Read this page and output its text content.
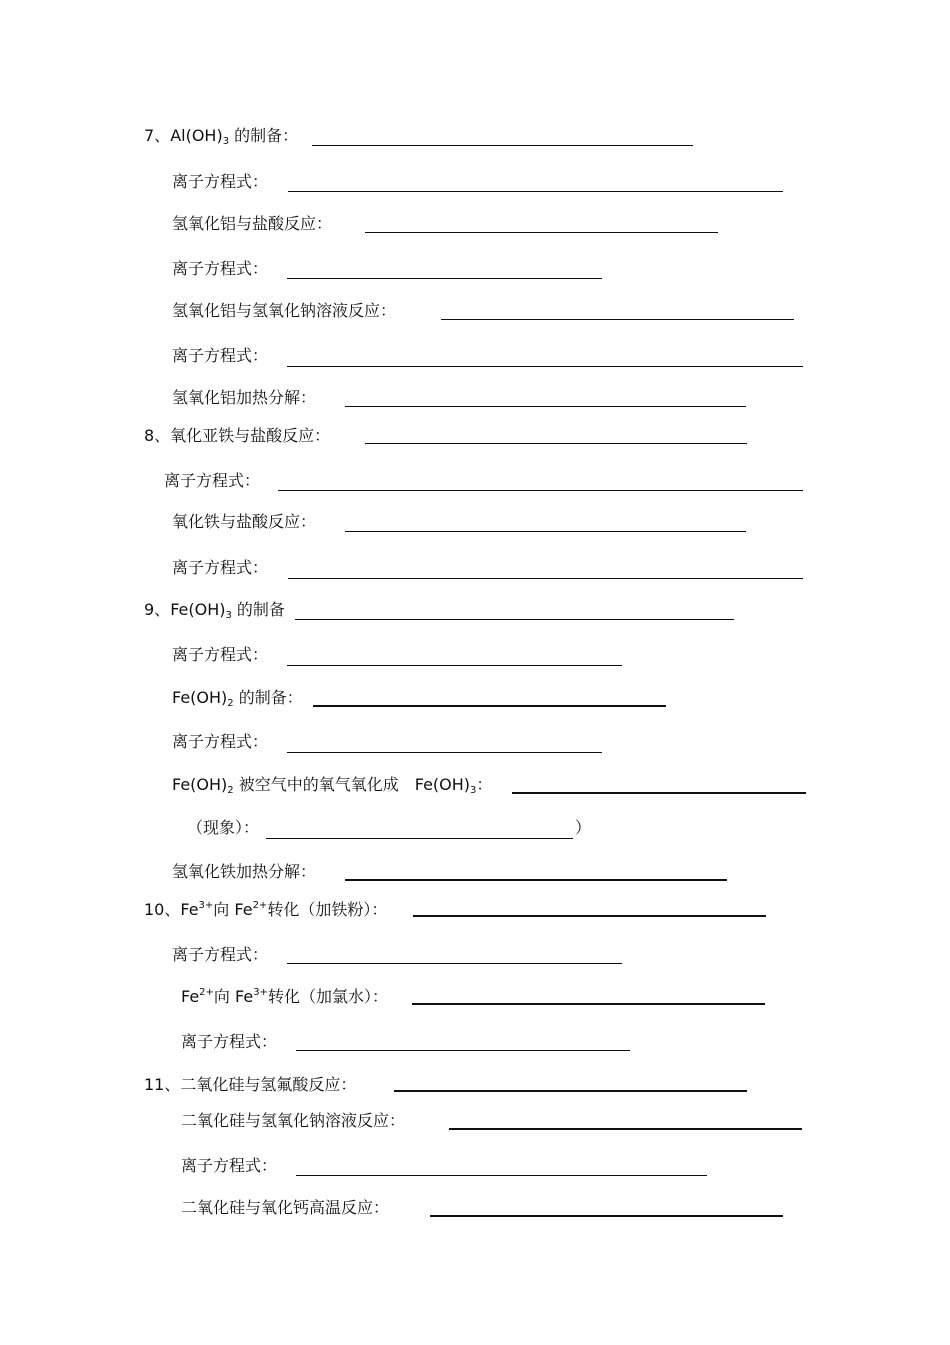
7、$Al(OH)_3$ 的制备：
离子方程式：
氢氧化铝与盐酸反应：
离子方程式：
氢氧化铝与氢氧化钠溶液反应：
离子方程式：
氢氧化铝加热分解：
8、氧化亚铁与盐酸反应：
离子方程式：
氧化铁与盐酸反应：
离子方程式：
9、$Fe(OH)_3$ 的制备
离子方程式：
$Fe(OH)_2$ 的制备：
离子方程式：
$Fe(OH)_2$ 被空气中的氧气氧化成　$Fe(OH)_3$：
（现象）：	）
氢氧化铁加热分解：
10、$Fe^{3+}$向 $Fe^{2+}$转化（加铁粉）：
离子方程式：
$Fe^{2+}$向 $Fe^{3+}$转化（加氯水）：
离子方程式：
11、二氧化硅与氢氟酸反应：
二氧化硅与氢氧化钠溶液反应：
离子方程式：
二氧化硅与氧化钙高温反应：
